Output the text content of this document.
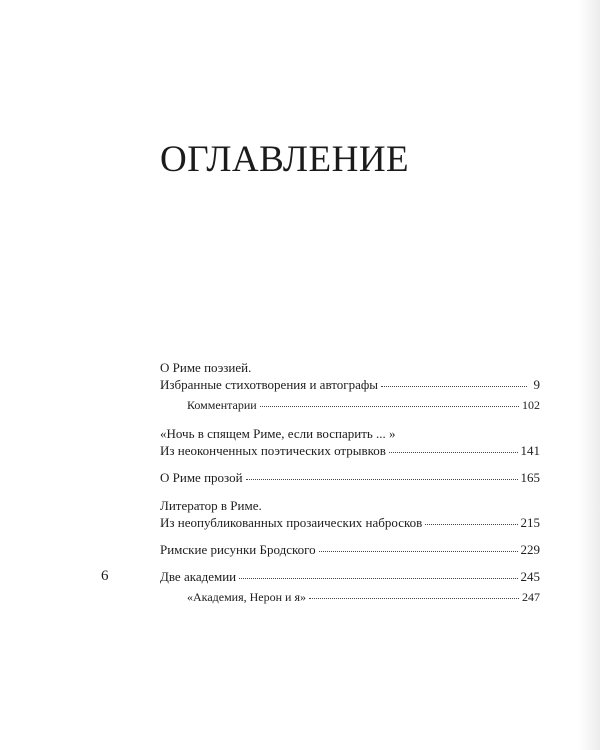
ОГЛАВЛЕНИЕ
О Риме поэзией.
Избранные стихотворения и автографы	9
Комментарии	102
«Ночь в спящем Риме, если воспарить ... »
Из неоконченных поэтических отрывков	141
О Риме прозой	165
Литератор в Риме.
Из неопубликованных прозаических набросков	215
Римские рисунки Бродского	229
Две академии	245
«Академия, Нерон и я»	247
6
